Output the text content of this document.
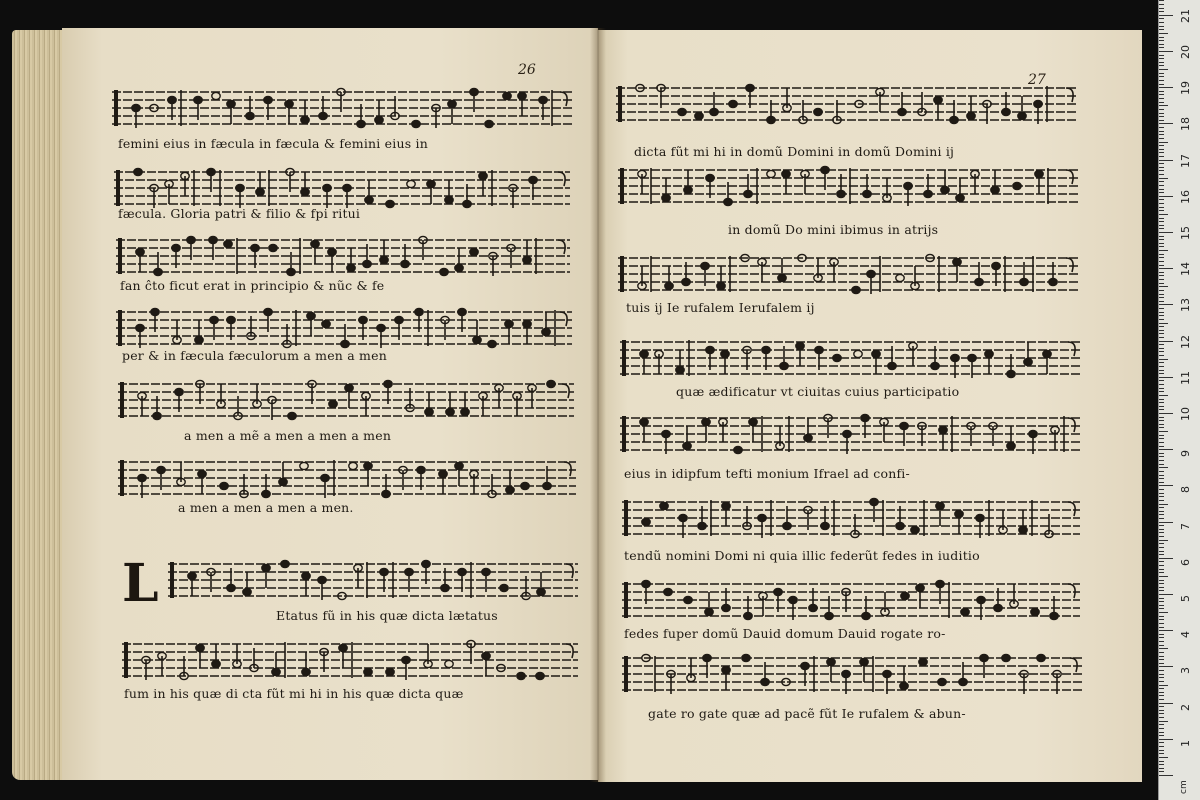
26
27
L
femini eius in fæcula in fæcula & femini eius in
fæcula. Gloria patri & filio & fpi ritui
fan ĉto ficut erat in principio & nũc & fe
per & in fæcula fæculorum a men a men
a men a mẽ a men a men a men
a men a men a men a men.
Etatus fũ in his quæ dicta lætatus
fum in his quæ di cta fũt mi hi in his quæ dicta quæ
dicta fũt mi hi in domũ Domini in domũ Domini ij
in domũ Do mini ibimus in atrijs
tuis ij Ie rufalem Ierufalem ij
quæ ædificatur vt ciuitas cuius participatio
eius in idipfum tefti monium Ifrael ad confi-
tendũ nomini Domi ni quia illic federũt fedes in iuditio
fedes fuper domũ Dauid domum Dauid rogate ro-
gate ro gate quæ ad pacẽ fũt Ie rufalem & abun-
21
20
19
18
17
16
15
14
13
12
11
10
9
8
7
6
5
4
3
2
1
cm
